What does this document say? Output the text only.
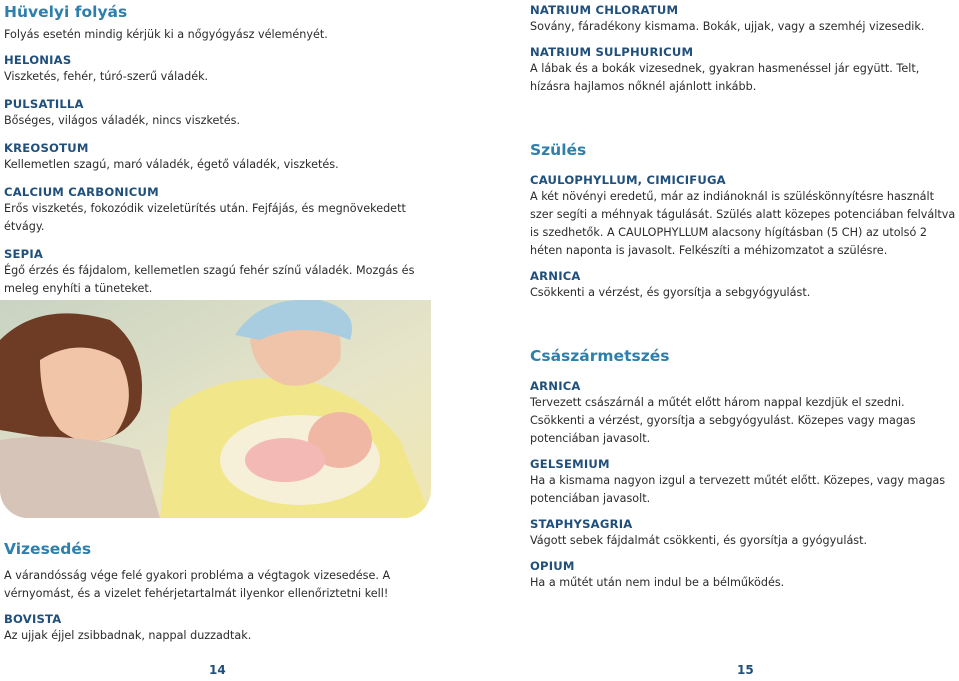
Hüvelyi folyás
Folyás esetén mindig kérjük ki a nőgyógyász véleményét.
HELONIAS
Viszketés, fehér, túró-szerű váladék.
PULSATILLA
Bőséges, világos váladék, nincs viszketés.
KREOSOTUM
Kellemetlen szagú, maró váladék, égető váladék, viszketés.
CALCIUM CARBONICUM
Erős viszketés, fokozódik vizeletürítés után. Fejfájás, és megnövekedett étvágy.
SEPIA
Égő érzés és fájdalom, kellemetlen szagú fehér színű váladék. Mozgás és meleg enyhíti a tüneteket.
Vizesedés
A várandósság vége felé gyakori probléma a végtagok vizesedése. A vérnyomást, és a vizelet fehérjetartalmát ilyenkor ellenőriztetni kell!
BOVISTA
Az ujjak éjjel zsibbadnak, nappal duzzadtak.
NATRIUM CHLORATUM
Sovány, fáradékony kismama. Bokák, ujjak, vagy a szemhéj vizesedik.
NATRIUM SULPHURICUM
A lábak és a bokák vizesednek, gyakran hasmenéssel jár együtt. Telt, hízásra hajlamos nőknél ajánlott inkább.
Szülés
CAULOPHYLLUM, CIMICIFUGA
A két növényi eredetű, már az indiánoknál is szüléskönnyítésre használt szer segíti a méhnyak tágulását. Szülés alatt közepes potenciában felváltva is szedhetők. A CAULOPHYLLUM alacsony hígításban (5 CH) az utolsó 2 héten naponta is javasolt. Felkészíti a méhizomzatot a szülésre.
ARNICA
Csökkenti a vérzést, és gyorsítja a sebgyógyulást.
Császármetszés
ARNICA
Tervezett császárnál a műtét előtt három nappal kezdjük el szedni. Csökkenti a vérzést, gyorsítja a sebgyógyulást. Közepes vagy magas potenciában javasolt.
GELSEMIUM
Ha a kismama nagyon izgul a tervezett műtét előtt. Közepes, vagy magas potenciában javasolt.
STAPHYSAGRIA
Vágott sebek fájdalmát csökkenti, és gyorsítja a gyógyulást.
OPIUM
Ha a műtét után nem indul be a bélműködés.
14	15
